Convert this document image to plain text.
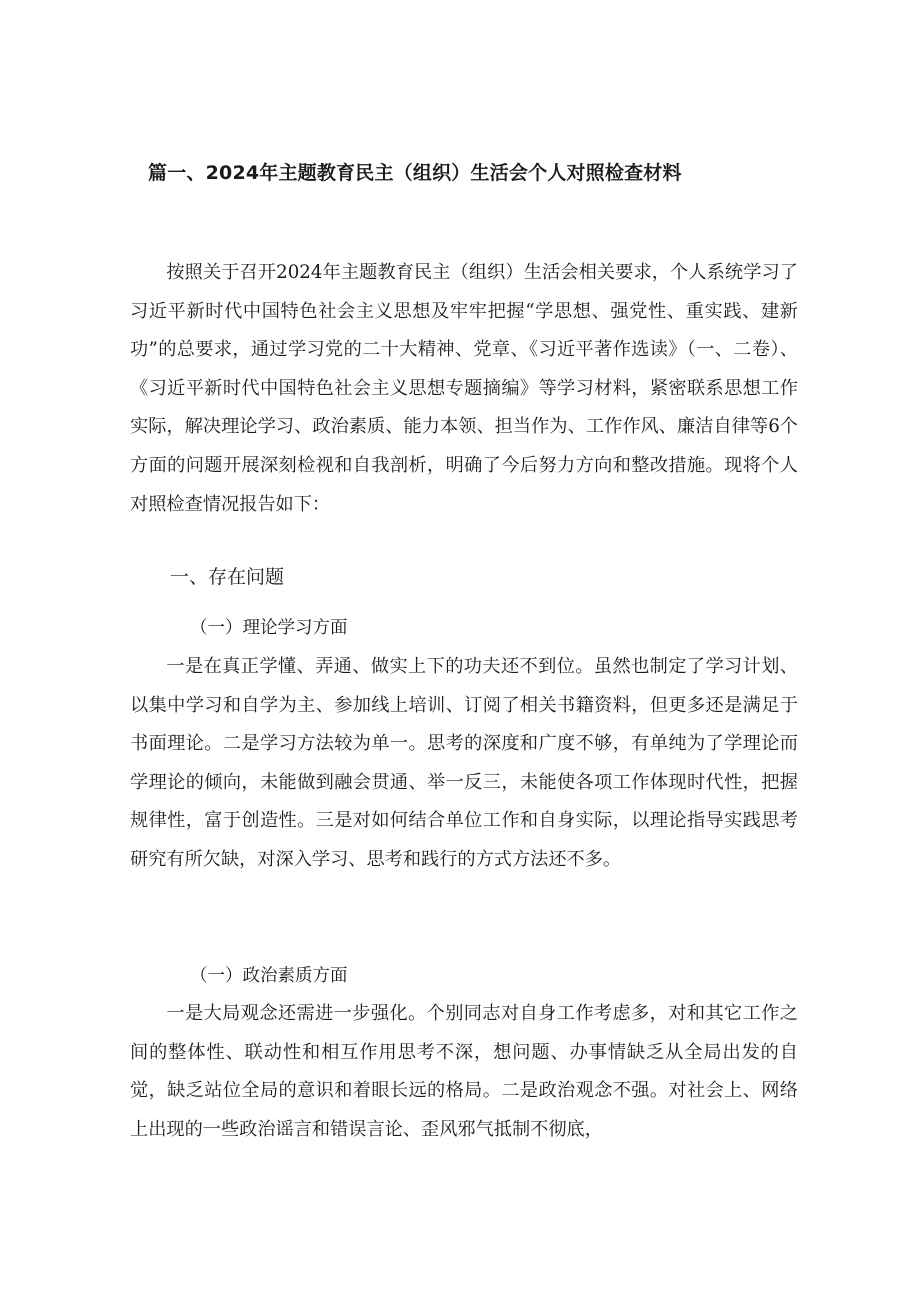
篇一、2024年主题教育民主（组织）生活会个人对照检查材料

按照关于召开2024年主题教育民主（组织）生活会相关要求，个人系统学习了习近平新时代中国特色社会主义思想及牢牢把握“学思想、强党性、重实践、建新功”的总要求，通过学习党的二十大精神、党章、《习近平著作选读》（一、二卷）、《习近平新时代中国特色社会主义思想专题摘编》等学习材料，紧密联系思想工作实际，解决理论学习、政治素质、能力本领、担当作为、工作作风、廉洁自律等6个方面的问题开展深刻检视和自我剖析，明确了今后努力方向和整改措施。现将个人对照检查情况报告如下：

一、存在问题
（一）理论学习方面

一是在真正学懂、弄通、做实上下的功夫还不到位。虽然也制定了学习计划、以集中学习和自学为主、参加线上培训、订阅了相关书籍资料，但更多还是满足于书面理论。二是学习方法较为单一。思考的深度和广度不够，有单纯为了学理论而学理论的倾向，未能做到融会贯通、举一反三，未能使各项工作体现时代性，把握规律性，富于创造性。三是对如何结合单位工作和自身实际，以理论指导实践思考研究有所欠缺，对深入学习、思考和践行的方式方法还不多。

（一）政治素质方面

一是大局观念还需进一步强化。个别同志对自身工作考虑多，对和其它工作之间的整体性、联动性和相互作用思考不深，想问题、办事情缺乏从全局出发的自觉，缺乏站位全局的意识和着眼长远的格局。二是政治观念不强。对社会上、网络上出现的一些政治谣言和错误言论、歪风邪气抵制不彻底，
